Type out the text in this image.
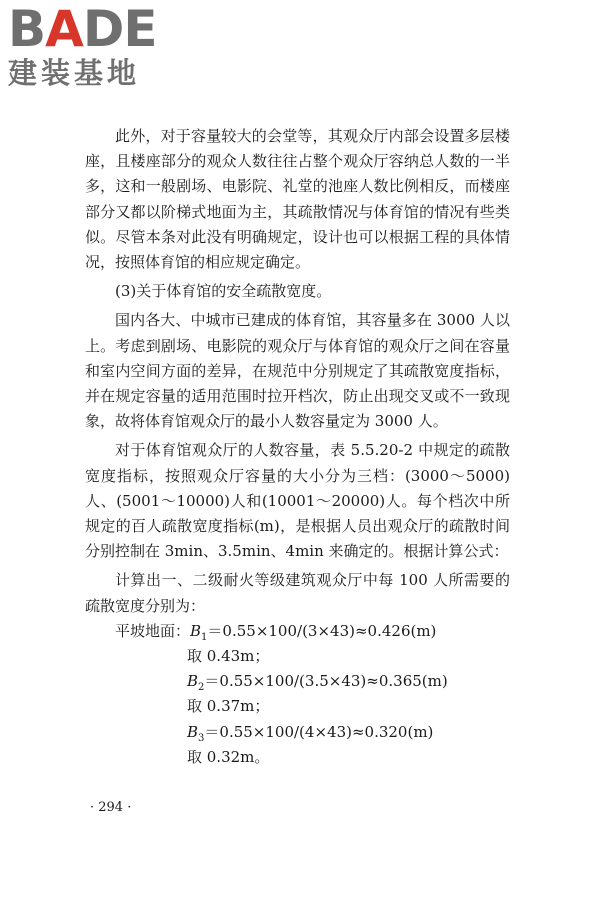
BADE
建装基地

此外，对于容量较大的会堂等，其观众厅内部会设置多层楼座，且楼座部分的观众人数往往占整个观众厅容纳总人数的一半多，这和一般剧场、电影院、礼堂的池座人数比例相反，而楼座部分又都以阶梯式地面为主，其疏散情况与体育馆的情况有些类似。尽管本条对此没有明确规定，设计也可以根据工程的具体情况，按照体育馆的相应规定确定。

(3)关于体育馆的安全疏散宽度。

国内各大、中城市已建成的体育馆，其容量多在 3000 人以上。考虑到剧场、电影院的观众厅与体育馆的观众厅之间在容量和室内空间方面的差异，在规范中分别规定了其疏散宽度指标，并在规定容量的适用范围时拉开档次，防止出现交叉或不一致现象，故将体育馆观众厅的最小人数容量定为 3000 人。

对于体育馆观众厅的人数容量，表 5.5.20-2 中规定的疏散宽度指标，按照观众厅容量的大小分为三档：(3000～5000)人、(5001～10000)人和(10001～20000)人。每个档次中所规定的百人疏散宽度指标(m)，是根据人员出观众厅的疏散时间分别控制在 3min、3.5min、4min 来确定的。根据计算公式：

计算出一、二级耐火等级建筑观众厅中每 100 人所需要的疏散宽度分别为：

平坡地面：$B_1=0.55\times 100/(3\times 43)\approx 0.426(m)$
取 0.43m；
$B_2=0.55\times 100/(3.5\times 43)\approx 0.365(m)$
取 0.37m；
$B_3=0.55\times 100/(4\times 43)\approx 0.320(m)$
取 0.32m。
· 294 ·
